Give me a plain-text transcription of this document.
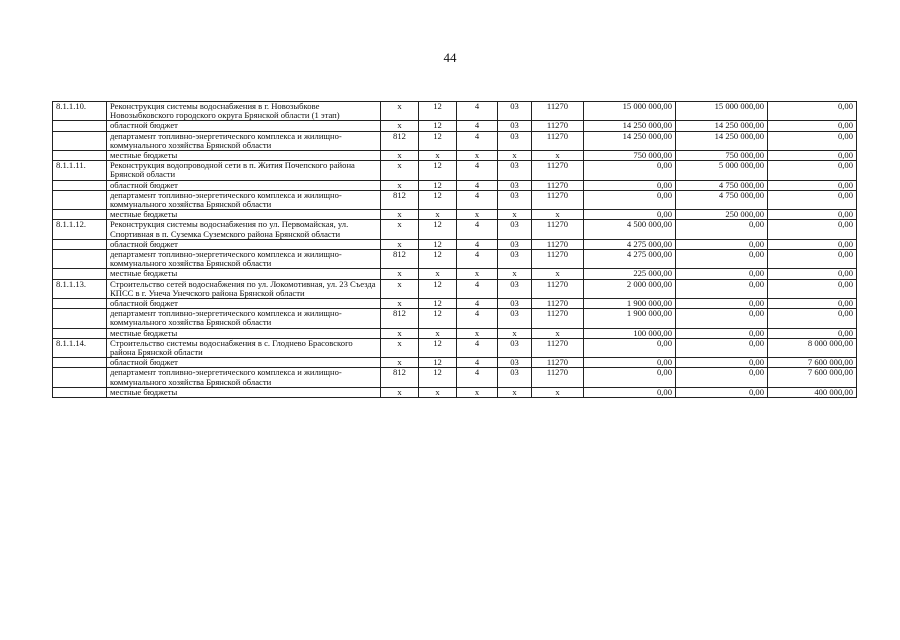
44
8.1.1.10.	Реконструкция системы водоснабжения в г. Новозыбкове Новозыбковского городского округа Брянской области (1 этап)	х	12	4	03	11270	15 000 000,00	15 000 000,00	0,00
	областной бюджет	х	12	4	03	11270	14 250 000,00	14 250 000,00	0,00
	департамент топливно-энергетического комплекса и жилищно-коммунального хозяйства Брянской области	812	12	4	03	11270	14 250 000,00	14 250 000,00	0,00
	местные бюджеты	х	х	х	х	х	750 000,00	750 000,00	0,00
8.1.1.11.	Реконструкция водопроводной сети в п. Жития Почепского района Брянской области	х	12	4	03	11270	0,00	5 000 000,00	0,00
	областной бюджет	х	12	4	03	11270	0,00	4 750 000,00	0,00
	департамент топливно-энергетического комплекса и жилищно-коммунального хозяйства Брянской области	812	12	4	03	11270	0,00	4 750 000,00	0,00
	местные бюджеты	х	х	х	х	х	0,00	250 000,00	0,00
8.1.1.12.	Реконструкция системы водоснабжения по ул. Первомайская, ул. Спортивная в п. Суземка Суземского района Брянской области	х	12	4	03	11270	4 500 000,00	0,00	0,00
	областной бюджет	х	12	4	03	11270	4 275 000,00	0,00	0,00
	департамент топливно-энергетического комплекса и жилищно-коммунального хозяйства Брянской области	812	12	4	03	11270	4 275 000,00	0,00	0,00
	местные бюджеты	х	х	х	х	х	225 000,00	0,00	0,00
8.1.1.13.	Строительство сетей водоснабжения по ул. Локомотивная, ул. 23 Съезда КПСС в г. Унеча Унечского района Брянской области	х	12	4	03	11270	2 000 000,00	0,00	0,00
	областной бюджет	х	12	4	03	11270	1 900 000,00	0,00	0,00
	департамент топливно-энергетического комплекса и жилищно-коммунального хозяйства Брянской области	812	12	4	03	11270	1 900 000,00	0,00	0,00
	местные бюджеты	х	х	х	х	х	100 000,00	0,00	0,00
8.1.1.14.	Строительство системы водоснабжения в с. Глоднево Брасовского района Брянской области	х	12	4	03	11270	0,00	0,00	8 000 000,00
	областной бюджет	х	12	4	03	11270	0,00	0,00	7 600 000,00
	департамент топливно-энергетического комплекса и жилищно-коммунального хозяйства Брянской области	812	12	4	03	11270	0,00	0,00	7 600 000,00
	местные бюджеты	х	х	х	х	х	0,00	0,00	400 000,00
